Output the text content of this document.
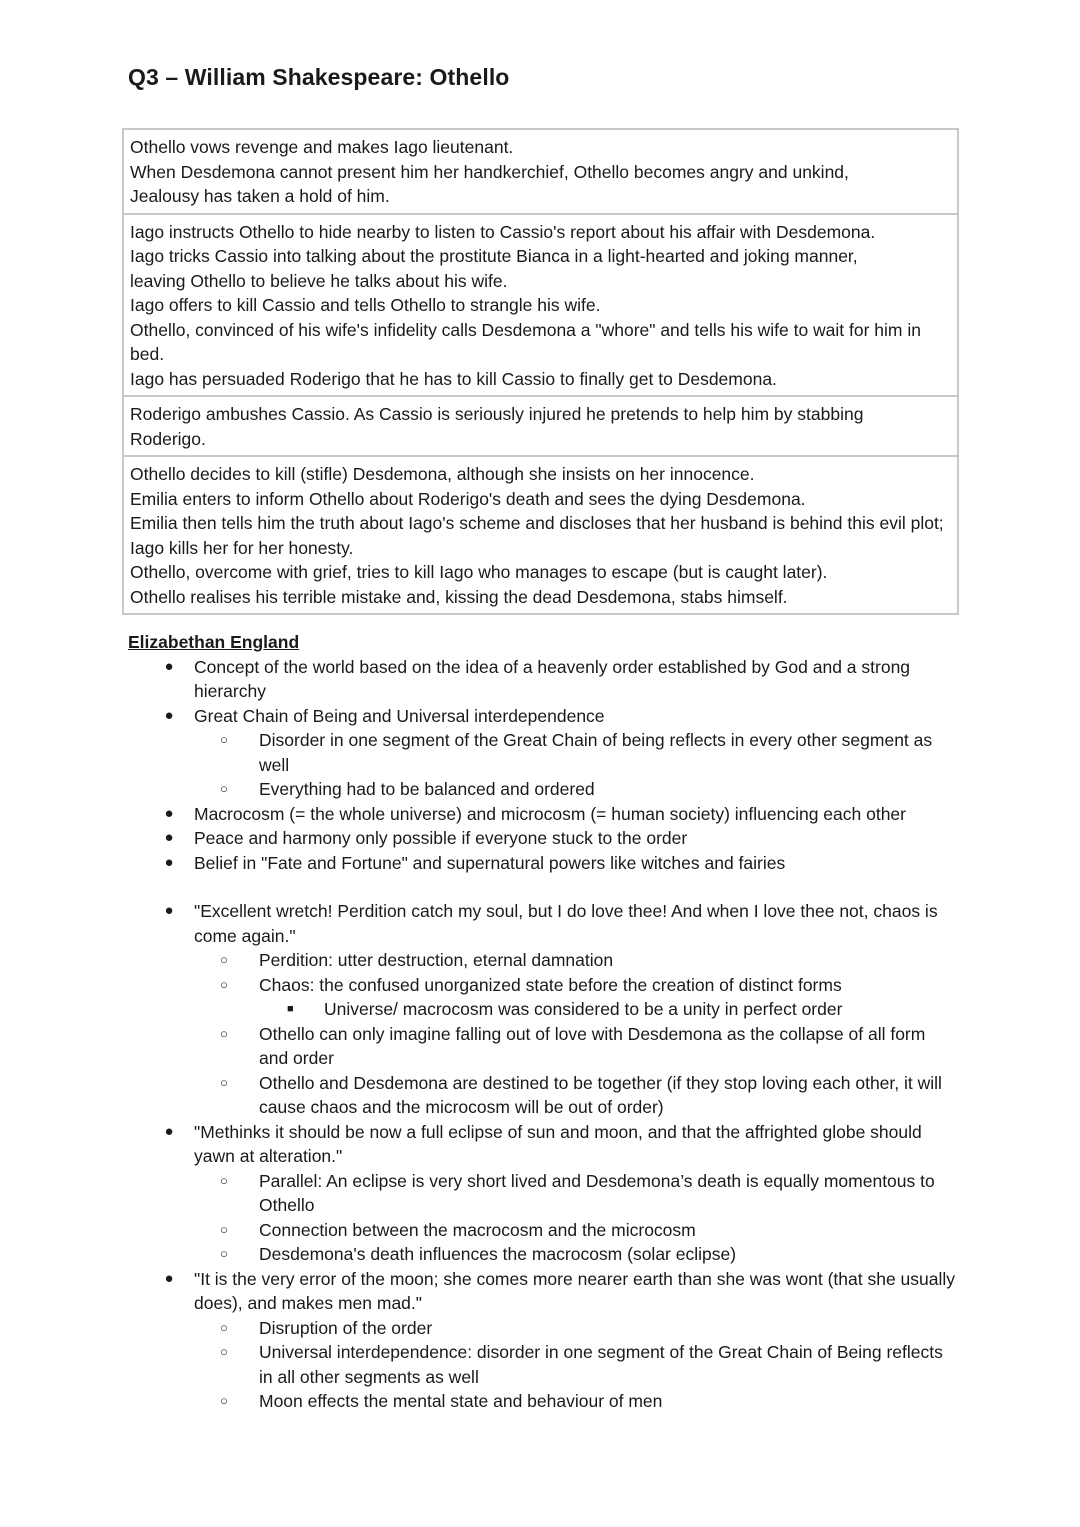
Q3 – William Shakespeare: Othello
Othello vows revenge and makes Iago lieutenant.
When Desdemona cannot present him her handkerchief, Othello becomes angry and unkind,
Jealousy has taken a hold of him.
Iago instructs Othello to hide nearby to listen to Cassio's report about his affair with Desdemona.
Iago tricks Cassio into talking about the prostitute Bianca in a light-hearted and joking manner,
leaving Othello to believe he talks about his wife.
Iago offers to kill Cassio and tells Othello to strangle his wife.
Othello, convinced of his wife's infidelity calls Desdemona a "whore" and tells his wife to wait for him in bed.
Iago has persuaded Roderigo that he has to kill Cassio to finally get to Desdemona.
Roderigo ambushes Cassio. As Cassio is seriously injured he pretends to help him by stabbing Roderigo.
Othello decides to kill (stifle) Desdemona, although she insists on her innocence.
Emilia enters to inform Othello about Roderigo's death and sees the dying Desdemona.
Emilia then tells him the truth about Iago's scheme and discloses that her husband is behind this evil plot; Iago kills her for her honesty.
Othello, overcome with grief, tries to kill Iago who manages to escape (but is caught later).
Othello realises his terrible mistake and, kissing the dead Desdemona, stabs himself.
Elizabethan England
● Concept of the world based on the idea of a heavenly order established by God and a strong hierarchy
● Great Chain of Being and Universal interdependence
○ Disorder in one segment of the Great Chain of being reflects in every other segment as well
○ Everything had to be balanced and ordered
● Macrocosm (= the whole universe) and microcosm (= human society) influencing each other
● Peace and harmony only possible if everyone stuck to the order
● Belief in "Fate and Fortune" and supernatural powers like witches and fairies
● "Excellent wretch! Perdition catch my soul, but I do love thee! And when I love thee not, chaos is come again."
○ Perdition: utter destruction, eternal damnation
○ Chaos: the confused unorganized state before the creation of distinct forms
■ Universe/ macrocosm was considered to be a unity in perfect order
○ Othello can only imagine falling out of love with Desdemona as the collapse of all form and order
○ Othello and Desdemona are destined to be together (if they stop loving each other, it will cause chaos and the microcosm will be out of order)
● "Methinks it should be now a full eclipse of sun and moon, and that the affrighted globe should yawn at alteration."
○ Parallel: An eclipse is very short lived and Desdemona’s death is equally momentous to Othello
○ Connection between the macrocosm and the microcosm
○ Desdemona's death influences the macrocosm (solar eclipse)
● "It is the very error of the moon; she comes more nearer earth than she was wont (that she usually does), and makes men mad."
○ Disruption of the order
○ Universal interdependence: disorder in one segment of the Great Chain of Being reflects in all other segments as well
○ Moon effects the mental state and behaviour of men
